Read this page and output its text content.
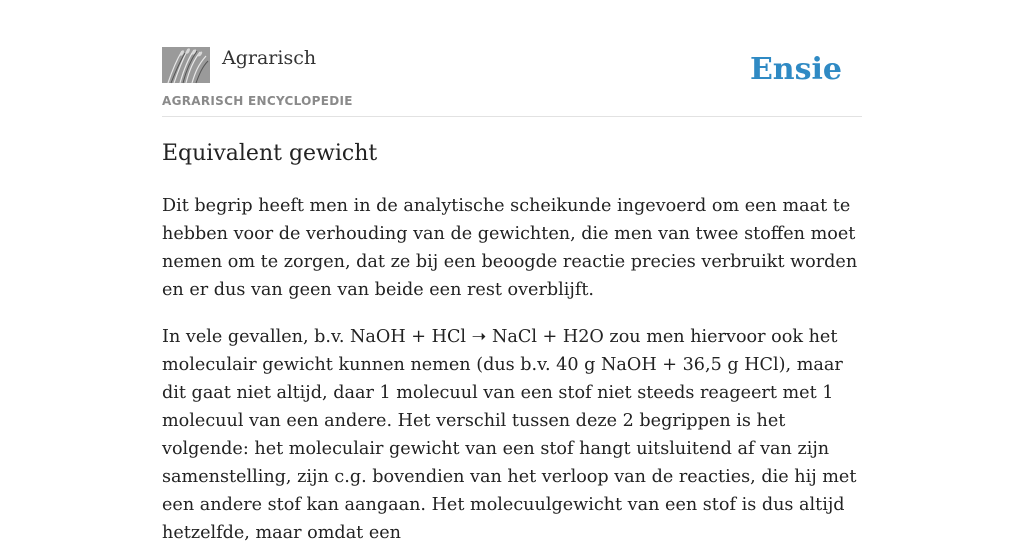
Agrarisch
AGRARISCH ENCYCLOPEDIE
Ensie
Equivalent gewicht

Dit begrip heeft men in de analytische scheikunde ingevoerd om een maat te hebben voor de verhouding van de gewichten, die men van twee stoffen moet nemen om te zorgen, dat ze bij een beoogde reactie precies verbruikt worden en er dus van geen van beide een rest overblijft.

In vele gevallen, b.v. NaOH + HCl ➝ NaCl + H2O zou men hiervoor ook het moleculair gewicht kunnen nemen (dus b.v. 40 g NaOH + 36,5 g HCl), maar dit gaat niet altijd, daar 1 molecuul van een stof niet steeds reageert met 1 molecuul van een andere. Het verschil tussen deze 2 begrippen is het volgende: het moleculair gewicht van een stof hangt uitsluitend af van zijn samenstelling, zijn c.g. bovendien van het verloop van de reacties, die hij met een andere stof kan aangaan. Het molecuulgewicht van een stof is dus altijd hetzelfde, maar omdat een
